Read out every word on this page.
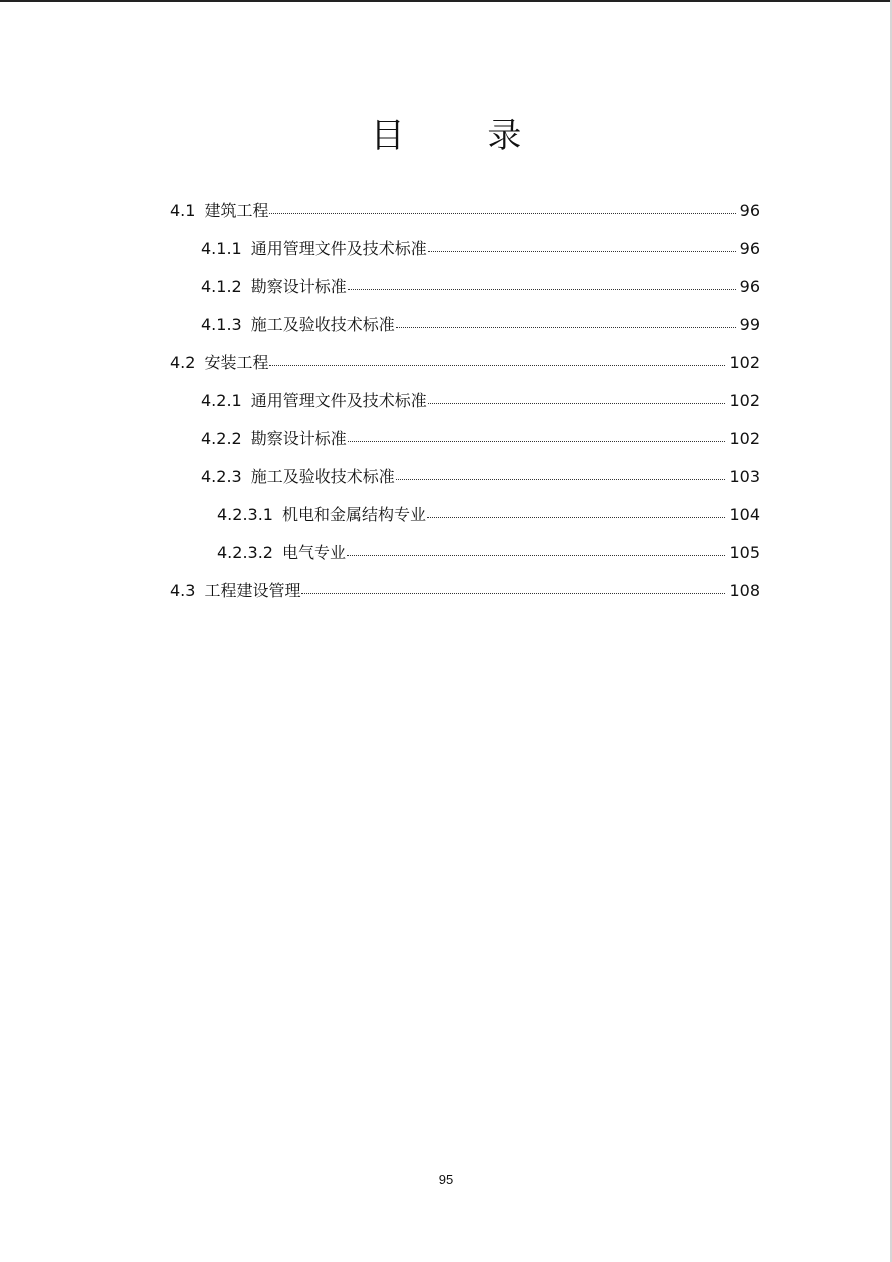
目 录
4.1 建筑工程	96
4.1.1 通用管理文件及技术标准	96
4.1.2 勘察设计标准	96
4.1.3 施工及验收技术标准	99
4.2 安装工程	102
4.2.1 通用管理文件及技术标准	102
4.2.2 勘察设计标准	102
4.2.3 施工及验收技术标准	103
4.2.3.1 机电和金属结构专业	104
4.2.3.2 电气专业	105
4.3 工程建设管理	108
95
